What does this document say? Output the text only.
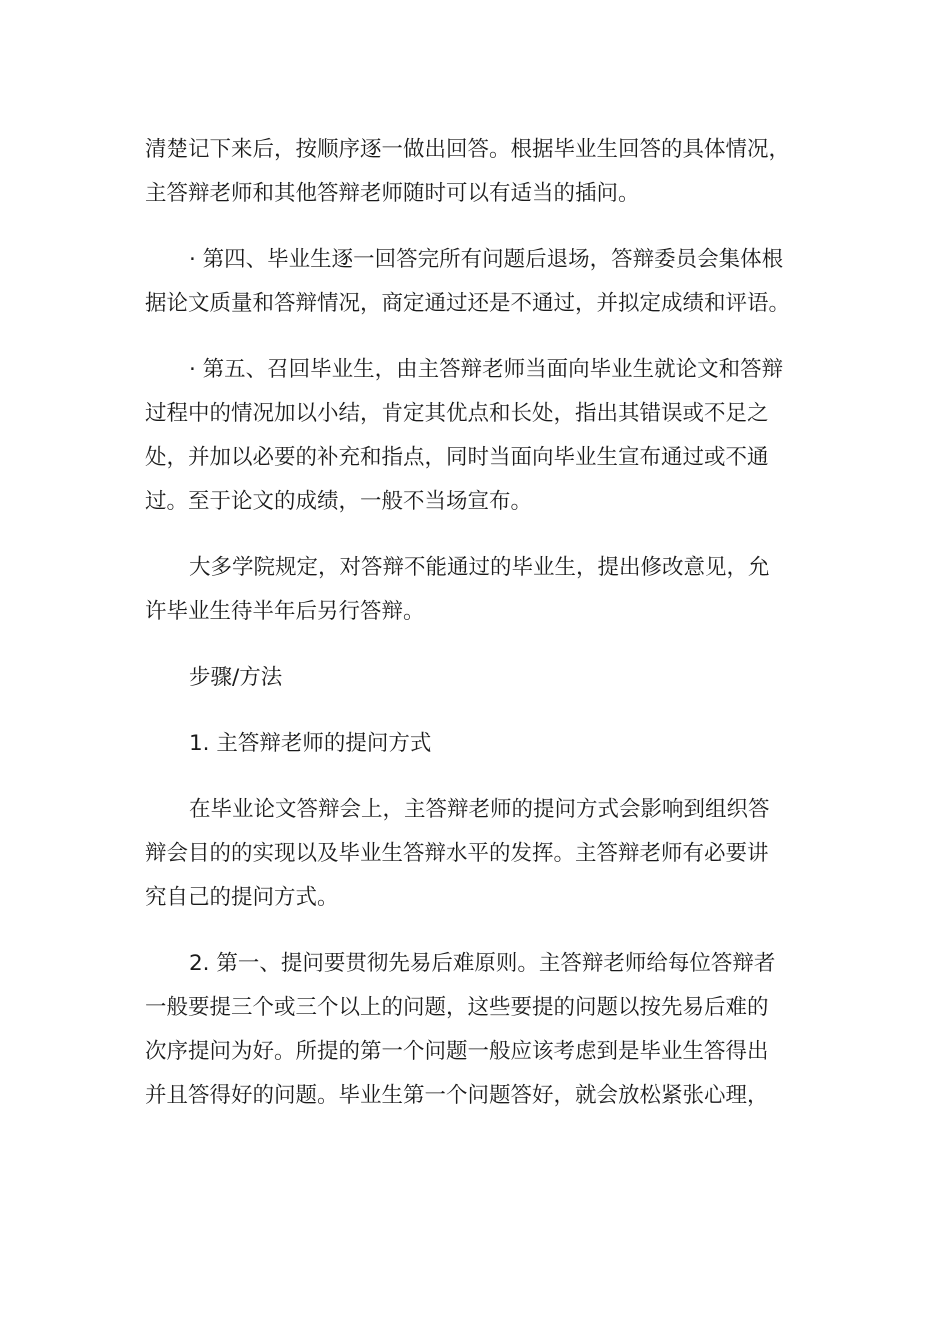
清楚记下来后，按顺序逐一做出回答。根据毕业生回答的具体情况，
主答辩老师和其他答辩老师随时可以有适当的插问。
· 第四、毕业生逐一回答完所有问题后退场，答辩委员会集体根
据论文质量和答辩情况，商定通过还是不通过，并拟定成绩和评语。
· 第五、召回毕业生，由主答辩老师当面向毕业生就论文和答辩
过程中的情况加以小结，肯定其优点和长处，指出其错误或不足之
处，并加以必要的补充和指点，同时当面向毕业生宣布通过或不通
过。至于论文的成绩，一般不当场宣布。
大多学院规定，对答辩不能通过的毕业生，提出修改意见，允
许毕业生待半年后另行答辩。
步骤/方法
1. 主答辩老师的提问方式
在毕业论文答辩会上，主答辩老师的提问方式会影响到组织答
辩会目的的实现以及毕业生答辩水平的发挥。主答辩老师有必要讲
究自己的提问方式。
2. 第一、提问要贯彻先易后难原则。主答辩老师给每位答辩者
一般要提三个或三个以上的问题，这些要提的问题以按先易后难的
次序提问为好。所提的第一个问题一般应该考虑到是毕业生答得出
并且答得好的问题。毕业生第一个问题答好，就会放松紧张心理，
